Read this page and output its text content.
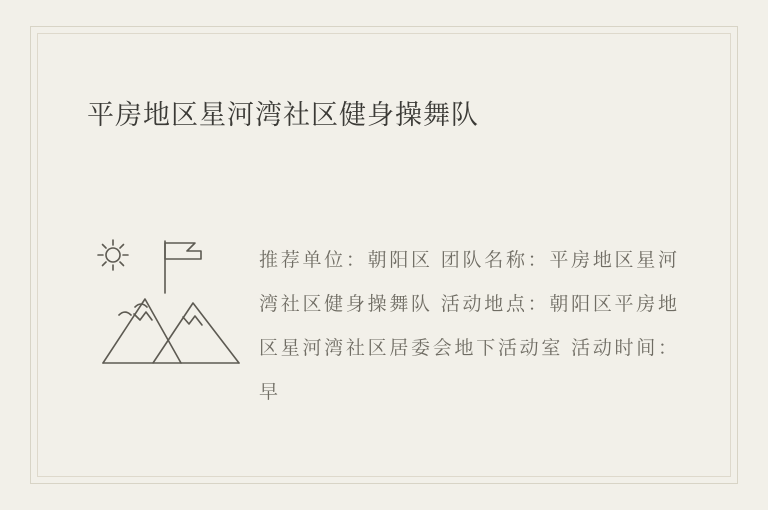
平房地区星河湾社区健身操舞队
推荐单位：朝阳区 团队名称：平房地区星河湾社区健身操舞队 活动地点：朝阳区平房地区星河湾社区居委会地下活动室 活动时间：早
